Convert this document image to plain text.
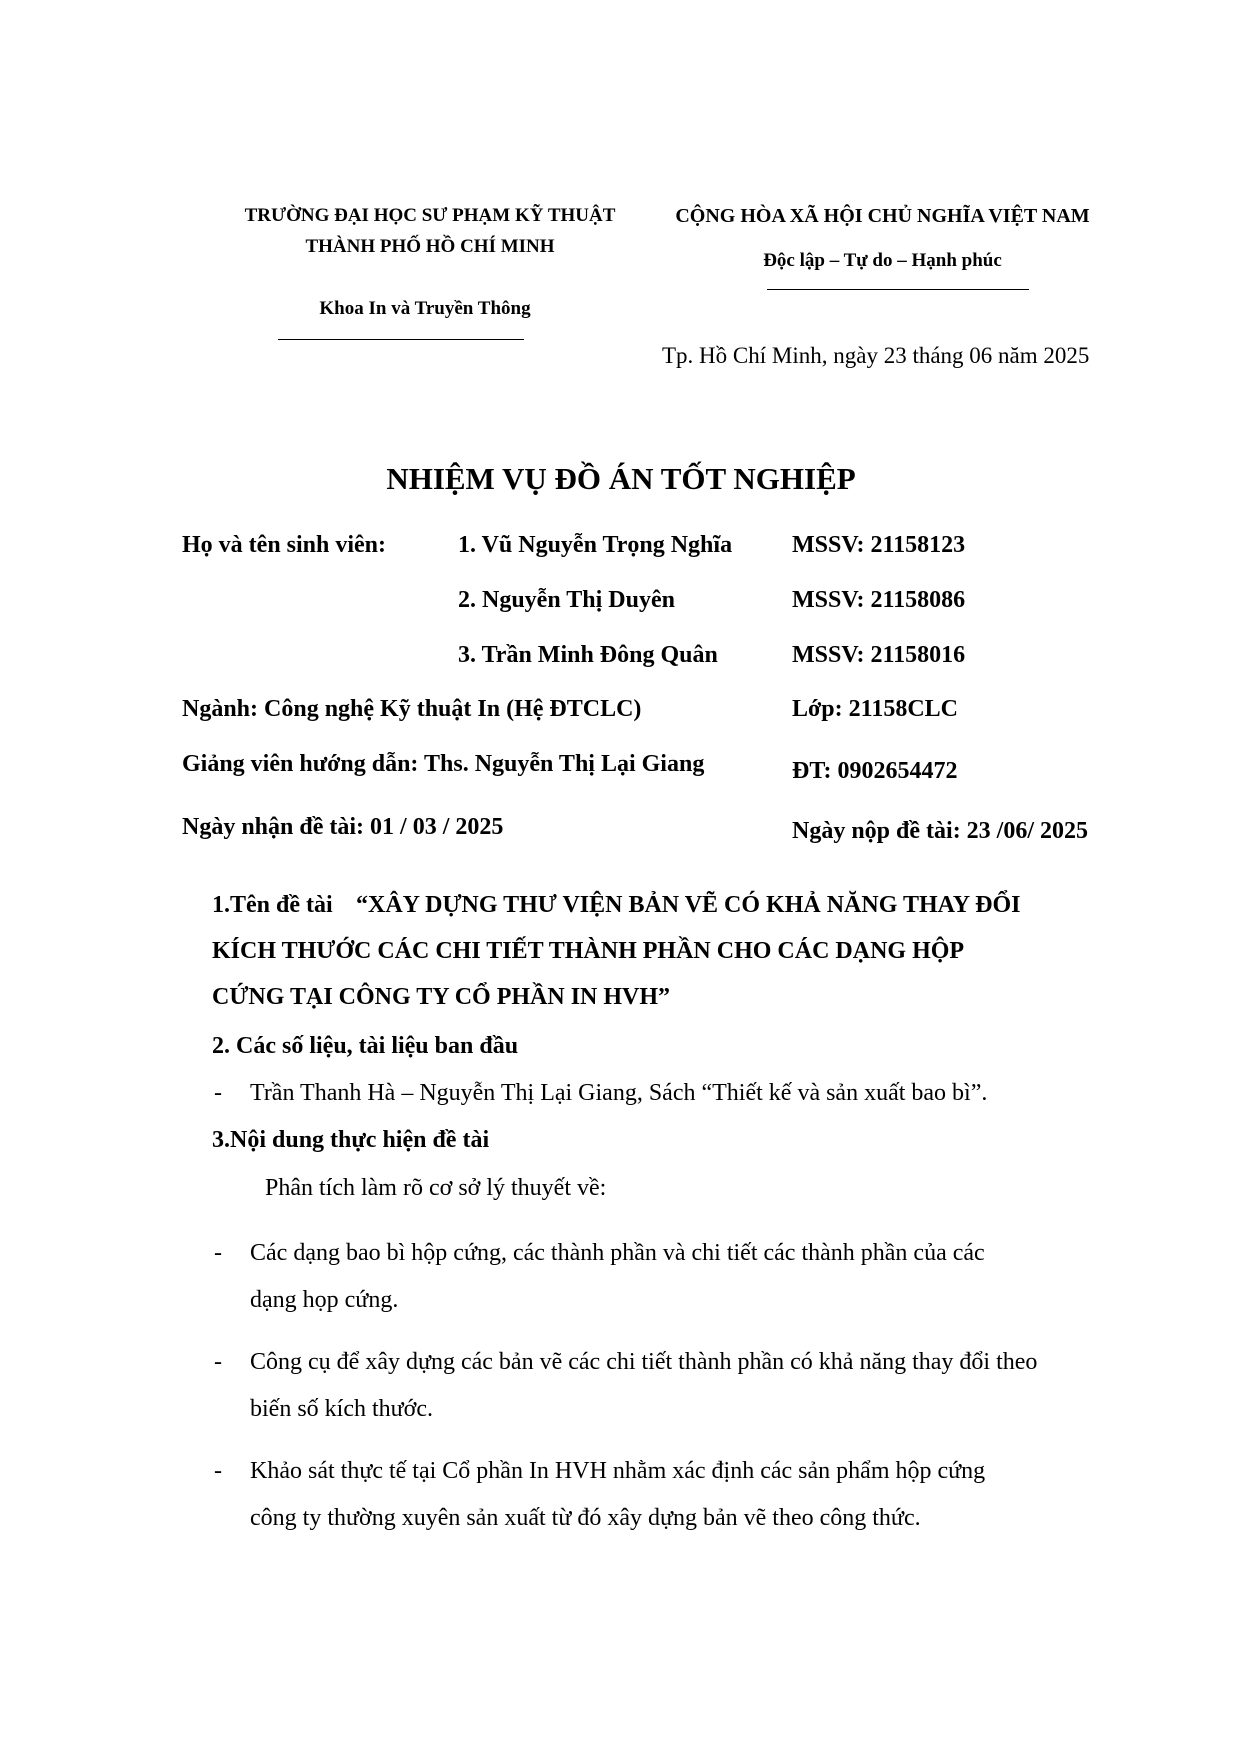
TRƯỜNG ĐẠI HỌC SƯ PHẠM KỸ THUẬT
THÀNH PHỐ HỒ CHÍ MINH
Khoa In và Truyền Thông
CỘNG HÒA XÃ HỘI CHỦ NGHĨA VIỆT NAM
Độc lập – Tự do – Hạnh phúc
Tp. Hồ Chí Minh, ngày 23 tháng 06 năm 2025
NHIỆM VỤ ĐỒ ÁN TỐT NGHIỆP
Họ và tên sinh viên:	1. Vũ Nguyễn Trọng Nghĩa MSSV: 21158123
2. Nguyễn Thị Duyên	MSSV: 21158086
3. Trần Minh Đông Quân	MSSV: 21158016
Ngành: Công nghệ Kỹ thuật In (Hệ ĐTCLC)	Lớp: 21158CLC
Giảng viên hướng dẫn: Ths. Nguyễn Thị Lại Giang	ĐT: 0902654472
Ngày nhận đề tài: 01 / 03 / 2025	Ngày nộp đề tài: 23 /06/ 2025
1.Tên đề tài “XÂY DỰNG THƯ VIỆN BẢN VẼ CÓ KHẢ NĂNG THAY ĐỔI
KÍCH THƯỚC CÁC CHI TIẾT THÀNH PHẦN CHO CÁC DẠNG HỘP
CỨNG TẠI CÔNG TY CỔ PHẦN IN HVH”
2. Các số liệu, tài liệu ban đầu
- Trần Thanh Hà – Nguyễn Thị Lại Giang, Sách “Thiết kế và sản xuất bao bì”.
3.Nội dung thực hiện đề tài
Phân tích làm rõ cơ sở lý thuyết về:
- Các dạng bao bì hộp cứng, các thành phần và chi tiết các thành phần của các
dạng họp cứng.
- Công cụ để xây dựng các bản vẽ các chi tiết thành phần có khả năng thay đổi theo
biến số kích thước.
- Khảo sát thực tế tại Cổ phần In HVH nhằm xác định các sản phẩm hộp cứng
công ty thường xuyên sản xuất từ đó xây dựng bản vẽ theo công thức.
